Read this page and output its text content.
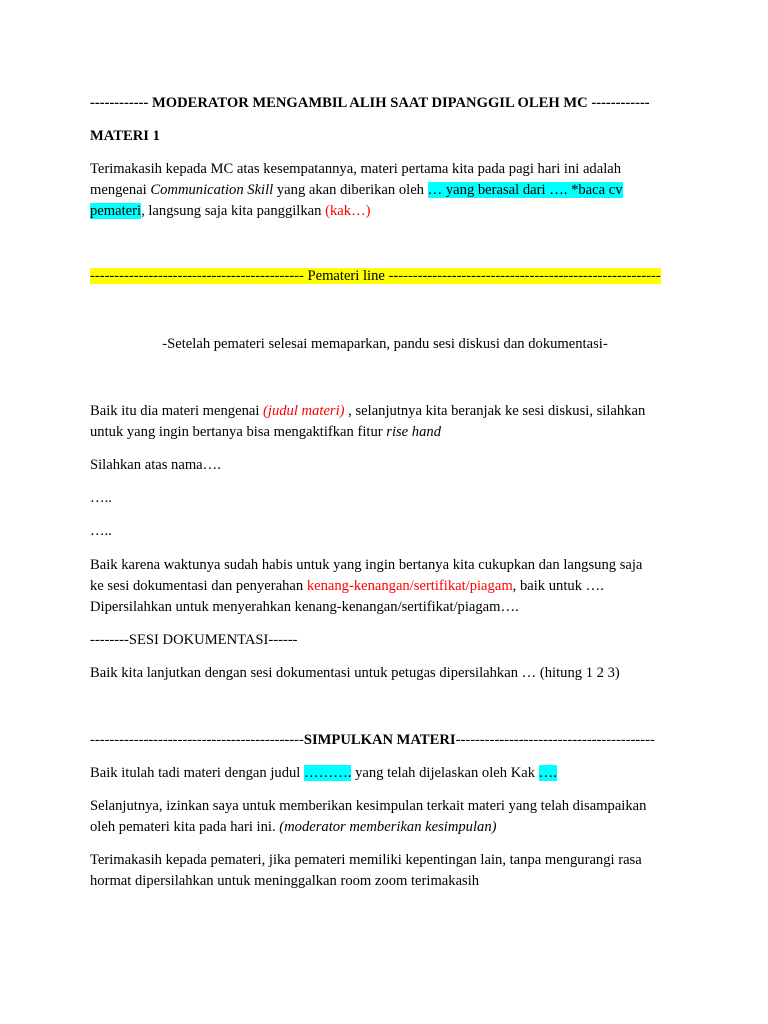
------------ MODERATOR MENGAMBIL ALIH SAAT DIPANGGIL OLEH MC ------------
MATERI 1
Terimakasih kepada MC atas kesempatannya, materi pertama kita pada pagi hari ini adalah
mengenai Communication Skill yang akan diberikan oleh … yang berasal dari …. *baca cv
pemateri, langsung saja kita panggilkan (kak…)
-------------------------------------------- Pemateri line --------------------------------------------------------
-Setelah pemateri selesai memaparkan, pandu sesi diskusi dan dokumentasi-
Baik itu dia materi mengenai (judul materi) , selanjutnya kita beranjak ke sesi diskusi, silahkan
untuk yang ingin bertanya bisa mengaktifkan fitur rise hand
Silahkan atas nama….
…..
…..
Baik karena waktunya sudah habis untuk yang ingin bertanya kita cukupkan dan langsung saja
ke sesi dokumentasi dan penyerahan kenang-kenangan/sertifikat/piagam, baik untuk ….
Dipersilahkan untuk menyerahkan kenang-kenangan/sertifikat/piagam….
--------SESI DOKUMENTASI------
Baik kita lanjutkan dengan sesi dokumentasi untuk petugas dipersilahkan … (hitung 1 2 3)
--------------------------------------------SIMPULKAN MATERI-----------------------------------------
Baik itulah tadi materi dengan judul ………. yang telah dijelaskan oleh Kak ….
Selanjutnya, izinkan saya untuk memberikan kesimpulan terkait materi yang telah disampaikan
oleh pemateri kita pada hari ini. (moderator memberikan kesimpulan)
Terimakasih kepada pemateri, jika pemateri memiliki kepentingan lain, tanpa mengurangi rasa
hormat dipersilahkan untuk meninggalkan room zoom terimakasih
